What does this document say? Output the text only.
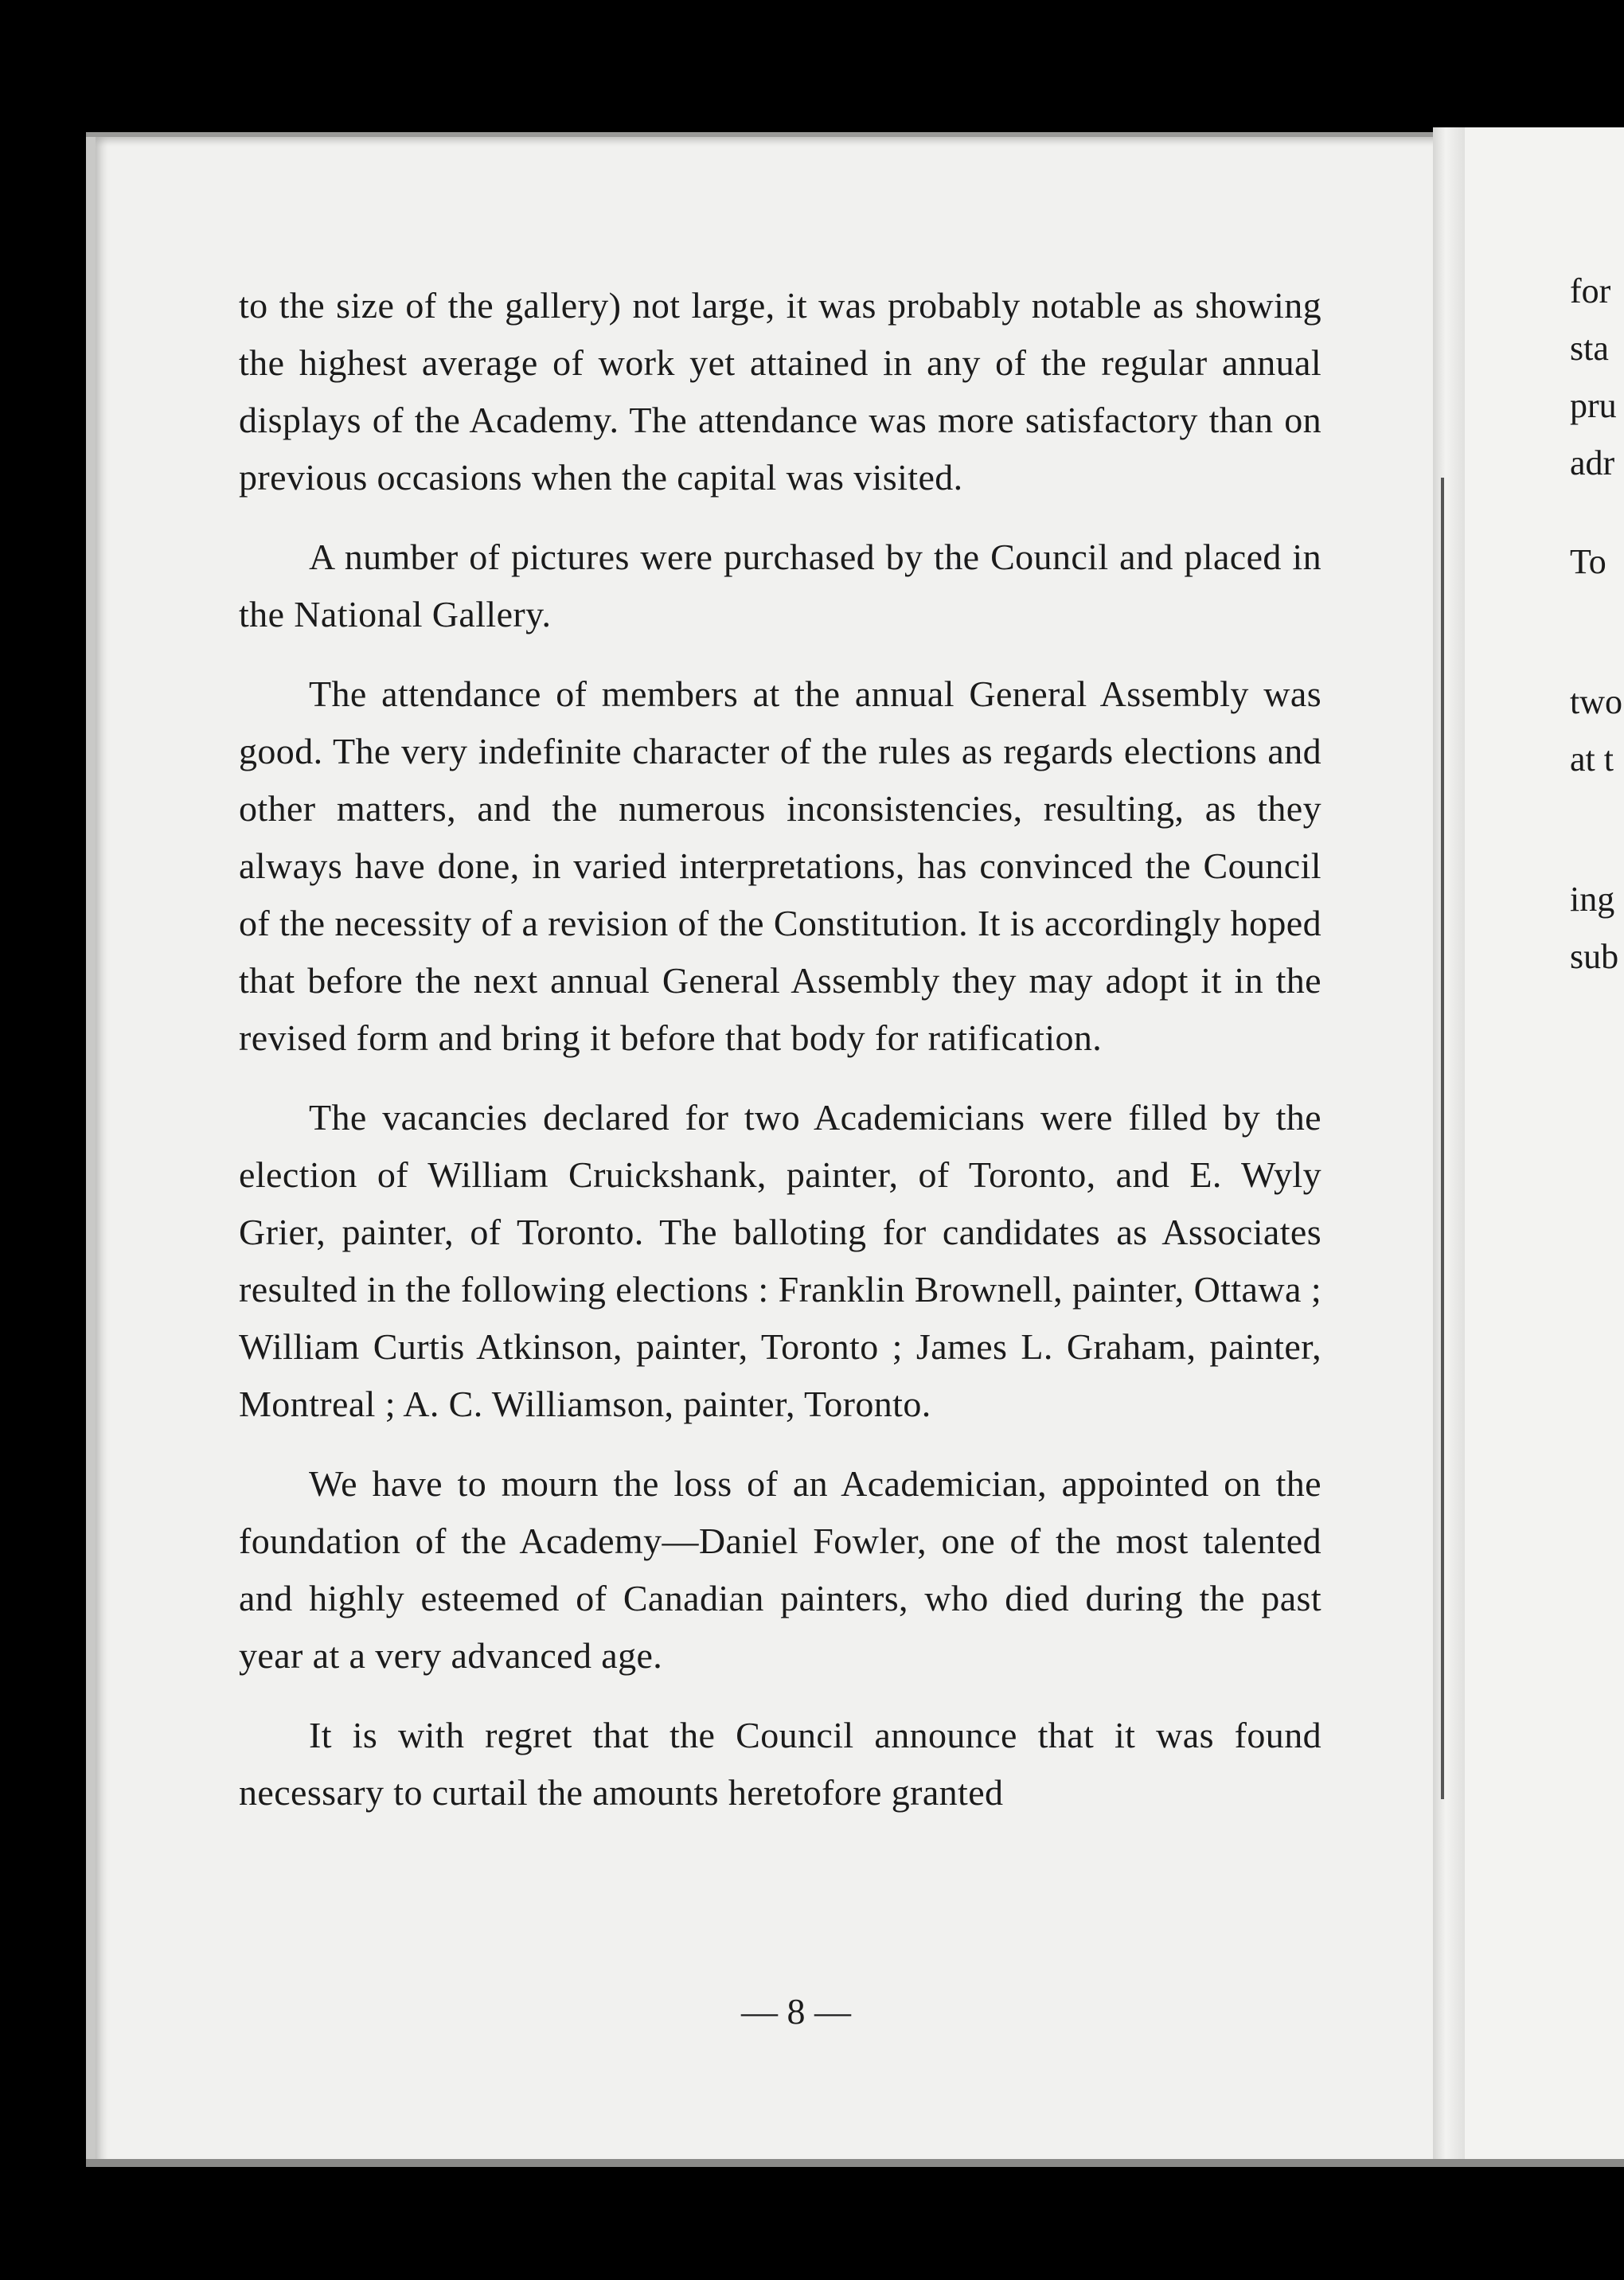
to the size of the gallery) not large, it was probably notable as showing the highest average of work yet attained in any of the regular annual displays of the Academy. The attendance was more satisfactory than on previous occasions when the capital was visited.

A number of pictures were purchased by the Council and placed in the National Gallery.

The attendance of members at the annual General Assembly was good. The very indefinite character of the rules as regards elections and other matters, and the numerous inconsistencies, resulting, as they always have done, in varied interpretations, has convinced the Council of the necessity of a revision of the Constitution. It is accordingly hoped that before the next annual General Assembly they may adopt it in the revised form and bring it before that body for ratification.

The vacancies declared for two Academicians were filled by the election of William Cruickshank, painter, of Toronto, and E. Wyly Grier, painter, of Toronto. The balloting for candidates as Associates resulted in the following elections : Franklin Brownell, painter, Ottawa ; William Curtis Atkinson, painter, Toronto ; James L. Graham, painter, Montreal ; A. C. Williamson, painter, Toronto.

We have to mourn the loss of an Academician, appointed on the foundation of the Academy—Daniel Fowler, one of the most talented and highly esteemed of Canadian painters, who died during the past year at a very advanced age.

It is with regret that the Council announce that it was found necessary to curtail the amounts heretofore granted

— 8 —
for
sta
pru
adr
To
two
at t
ing
sub
